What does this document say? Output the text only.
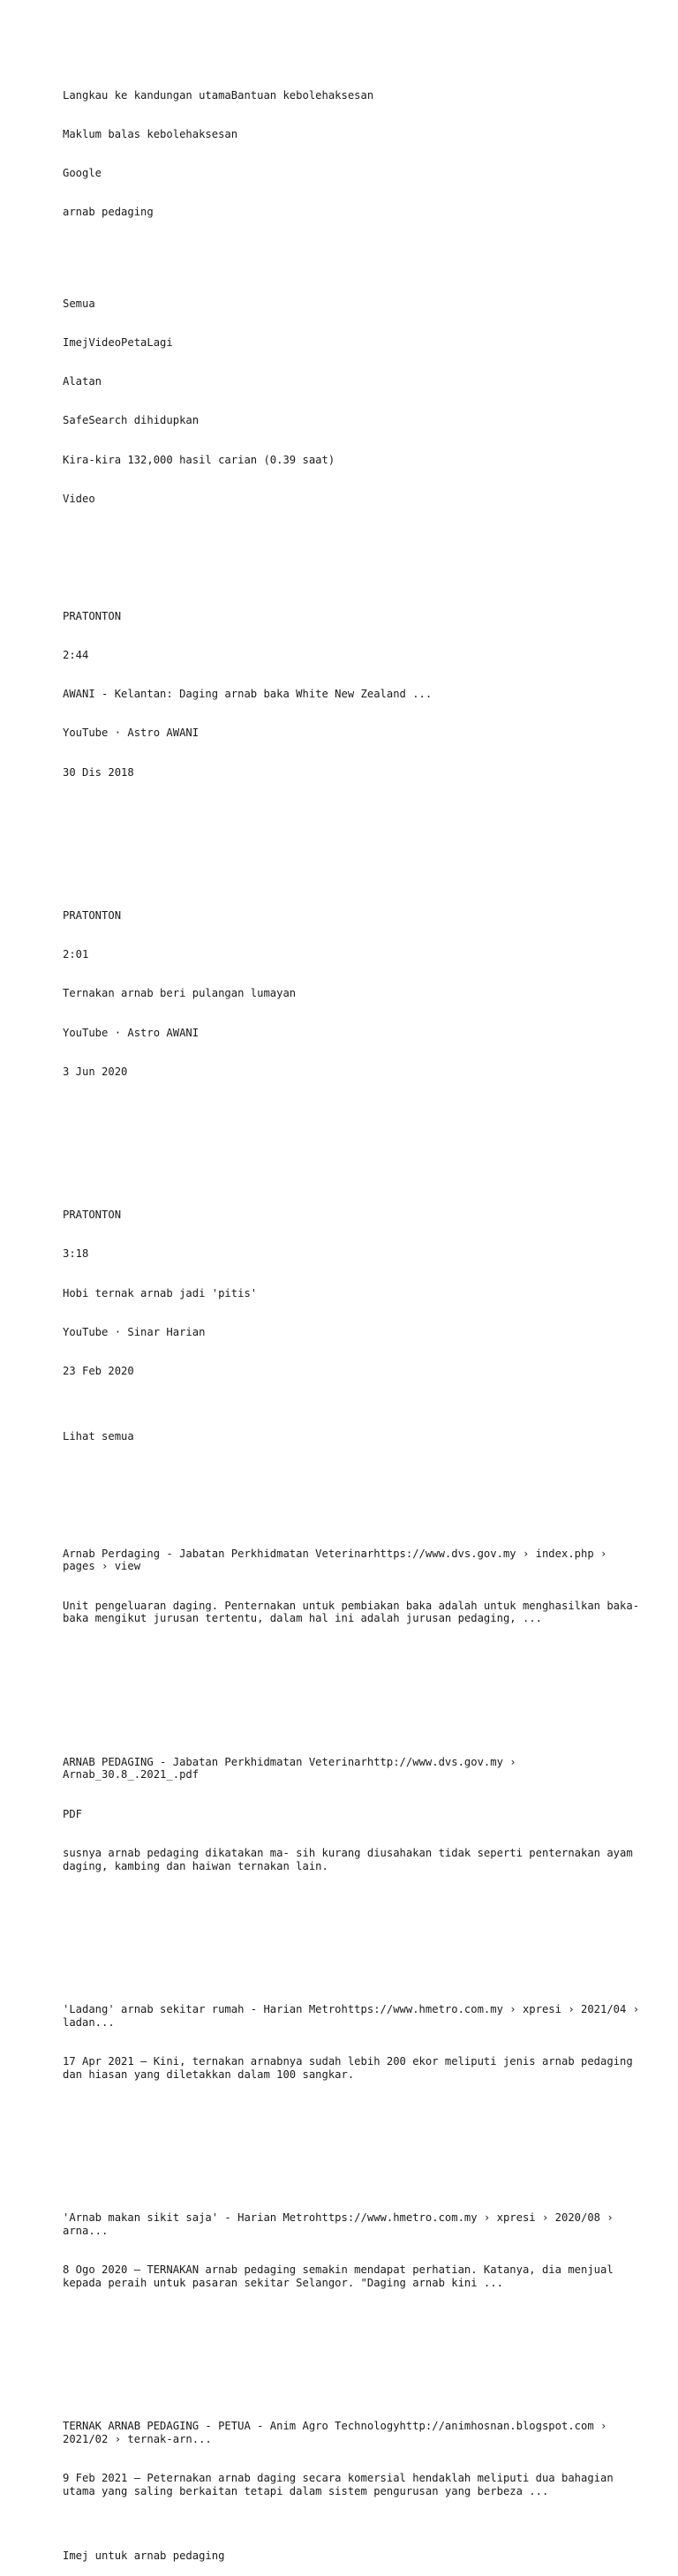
Langkau ke kandungan utamaBantuan kebolehaksesan

Maklum balas kebolehaksesan

Google

arnab pedaging

Semua

ImejVideoPetaLagi

Alatan

SafeSearch dihidupkan

Kira-kira 132,000 hasil carian (0.39 saat)

Video

PRATONTON

2:44

AWANI - Kelantan: Daging arnab baka White New Zealand ...

YouTube · Astro AWANI

30 Dis 2018

PRATONTON

2:01

Ternakan arnab beri pulangan lumayan

YouTube · Astro AWANI

3 Jun 2020

PRATONTON

3:18

Hobi ternak arnab jadi 'pitis'

YouTube · Sinar Harian

23 Feb 2020

Lihat semua

Arnab Perdaging - Jabatan Perkhidmatan Veterinarhttps://www.dvs.gov.my › index.php › pages › view

Unit pengeluaran daging. Penternakan untuk pembiakan baka adalah untuk menghasilkan baka-baka mengikut jurusan tertentu, dalam hal ini adalah jurusan pedaging, ...

ARNAB PEDAGING - Jabatan Perkhidmatan Veterinarhttp://www.dvs.gov.my › Arnab_30.8_.2021_.pdf

PDF

susnya arnab pedaging dikatakan ma- sih kurang diusahakan tidak seperti penternakan ayam daging, kambing dan haiwan ternakan lain.

'Ladang' arnab sekitar rumah - Harian Metrohttps://www.hmetro.com.my › xpresi › 2021/04 › ladan...

17 Apr 2021 — Kini, ternakan arnabnya sudah lebih 200 ekor meliputi jenis arnab pedaging dan hiasan yang diletakkan dalam 100 sangkar.

'Arnab makan sikit saja' - Harian Metrohttps://www.hmetro.com.my › xpresi › 2020/08 › arna...

8 Ogo 2020 — TERNAKAN arnab pedaging semakin mendapat perhatian. Katanya, dia menjual kepada peraih untuk pasaran sekitar Selangor. "Daging arnab kini ...

TERNAK ARNAB PEDAGING - PETUA - Anim Agro Technologyhttp://animhosnan.blogspot.com › 2021/02 › ternak-arn...

9 Feb 2021 — Peternakan arnab daging secara komersial hendaklah meliputi dua bahagian utama yang saling berkaitan tetapi dalam sistem pengurusan yang berbeza ...

Imej untuk arnab pedaging
